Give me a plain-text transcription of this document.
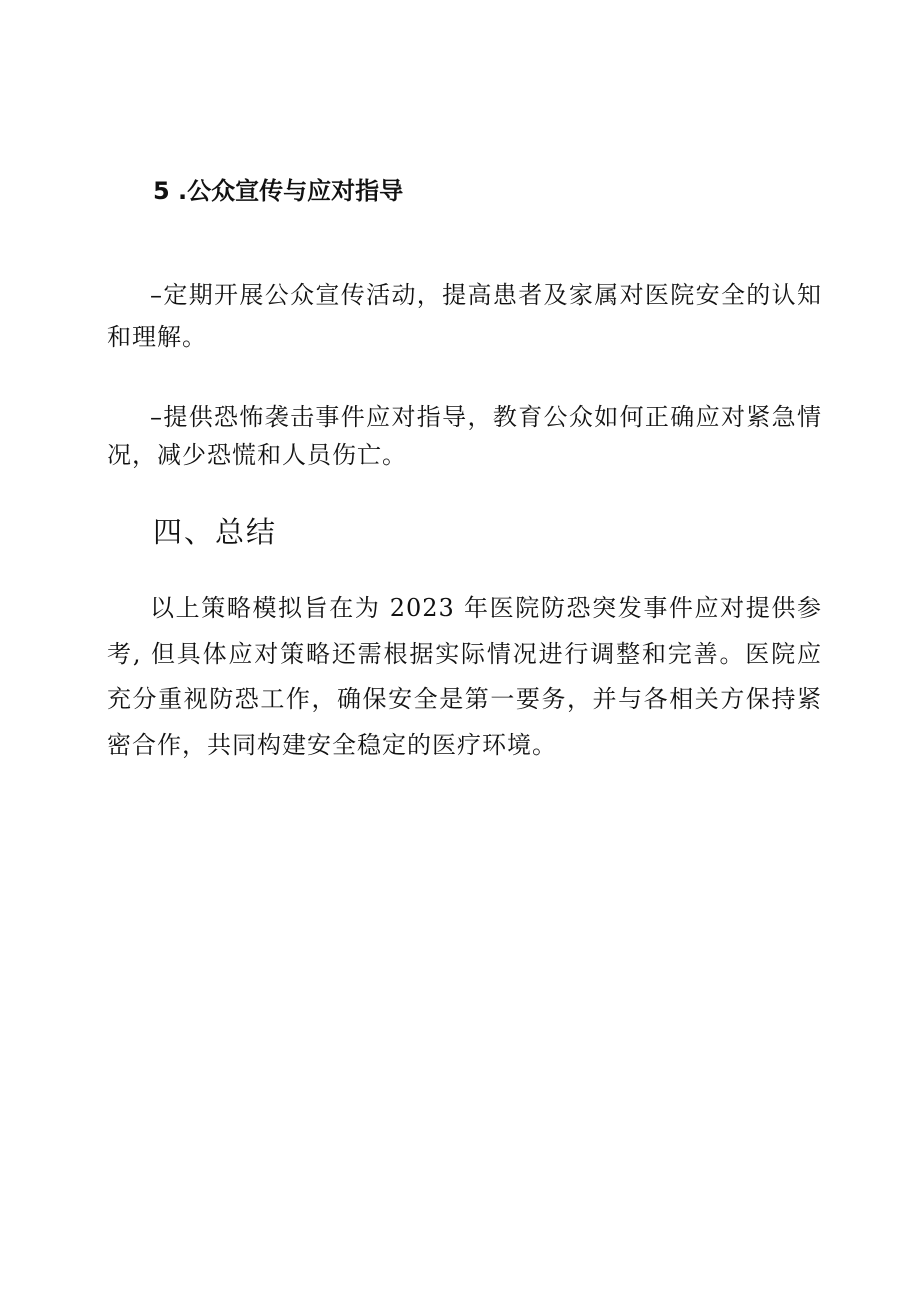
5 .公众宣传与应对指导

–定期开展公众宣传活动，提高患者及家属对医院安全的认知和理解。

–提供恐怖袭击事件应对指导，教育公众如何正确应对紧急情况，减少恐慌和人员伤亡。

四、总结

以上策略模拟旨在为 2023 年医院防恐突发事件应对提供参考, 但具体应对策略还需根据实际情况进行调整和完善。医院应充分重视防恐工作，确保安全是第一要务，并与各相关方保持紧密合作，共同构建安全稳定的医疗环境。
